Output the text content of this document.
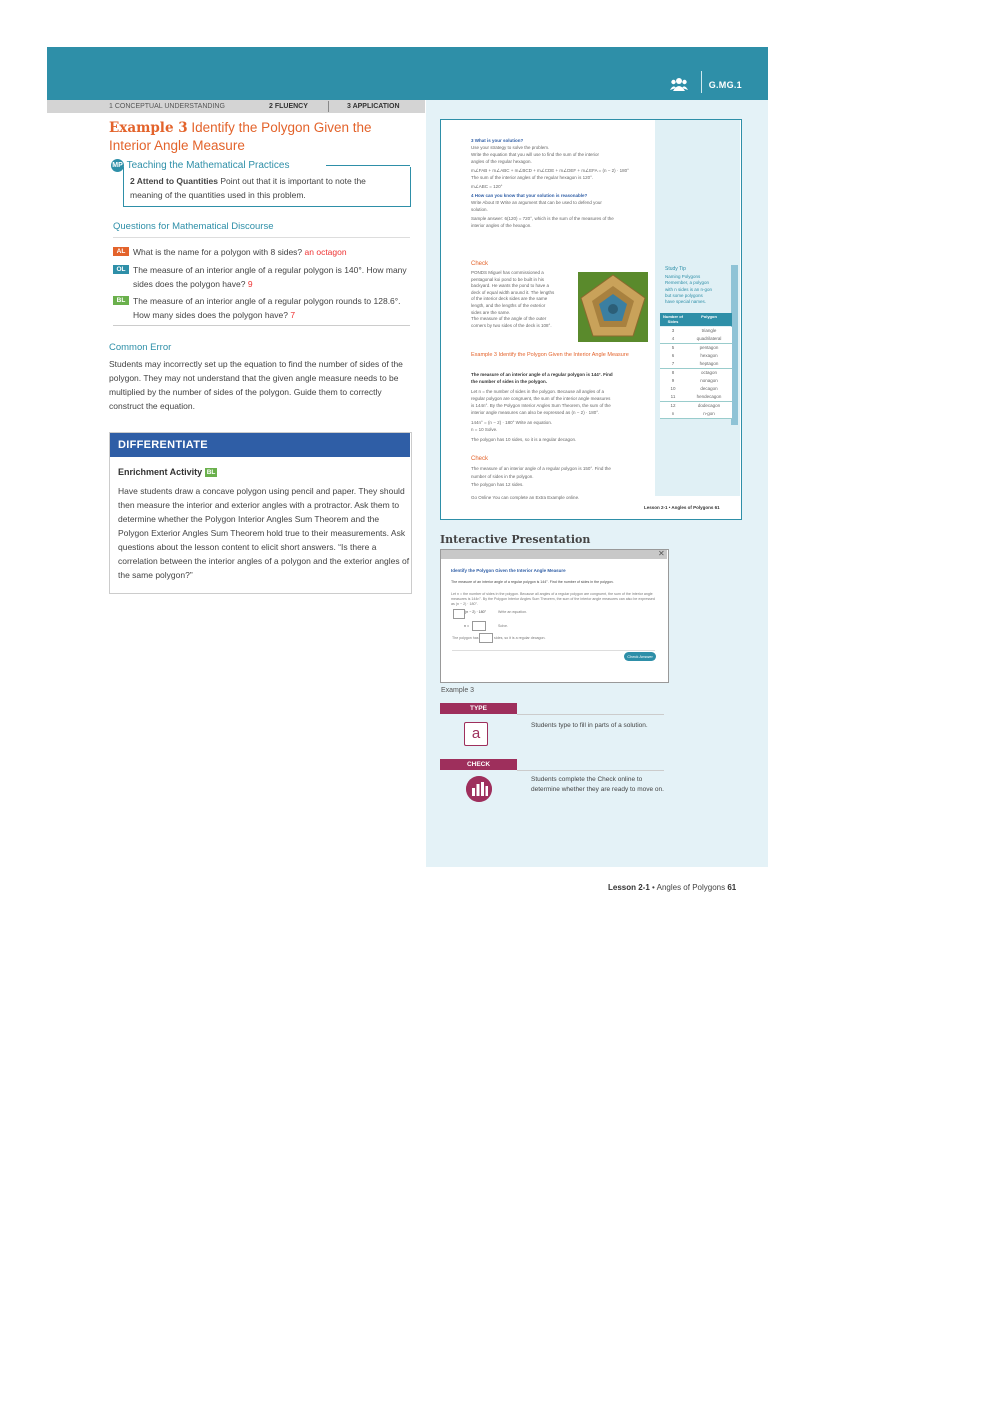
G.MG.1
1 CONCEPTUAL UNDERSTANDING	2 FLUENCY	3 APPLICATION
Example 3 Identify the Polygon Given the Interior Angle Measure
MP Teaching the Mathematical Practices
2 Attend to Quantities Point out that it is important to note the meaning of the quantities used in this problem.
Questions for Mathematical Discourse
AL What is the name for a polygon with 8 sides? an octagon
OL The measure of an interior angle of a regular polygon is 140°. How many sides does the polygon have? 9
BL The measure of an interior angle of a regular polygon rounds to 128.6°. How many sides does the polygon have? 7
Common Error
Students may incorrectly set up the equation to find the number of sides of the polygon. They may not understand that the given angle measure needs to be multiplied by the number of sides of the polygon. Guide them to correctly construct the equation.
DIFFERENTIATE
Enrichment Activity BL
Have students draw a concave polygon using pencil and paper. They should then measure the interior and exterior angles with a protractor. Ask them to determine whether the Polygon Interior Angles Sum Theorem and the Polygon Exterior Angles Sum Theorem hold true to their measurements. Ask questions about the lesson content to elicit short answers. “Is there a correlation between the interior angles of a polygon and the exterior angles of the same polygon?”
3 What is your solution?
Use your strategy to solve the problem.
Write the equation that you will use to find the sum of the interior
angles of the regular hexagon.
m∠FAB + m∠ABC + m∠BCD + m∠CDE + m∠DEF + m∠EFA = (n − 2) · 180°
The sum of the interior angles of the regular hexagon is 120°.
m∠ABC = 120°
4 How can you know that your solution is reasonable?
Write About It! Write an argument that can be used to defend your
solution.
Sample answer: 6(120) = 720°, which is the sum of the measures of the
interior angles of the hexagon.
Check
PONDS Miguel has commissioned a
pentagonal koi pond to be built in his
backyard. He wants the pond to have a
deck of equal width around it. The lengths
of the interior deck sides are the same
length, and the lengths of the exterior
sides are the same.
The measure of the angle of the outer
corners by two sides of the deck is 108°.
Example 3 Identify the Polygon Given the Interior Angle Measure
The measure of an interior angle of a regular polygon is 144°. Find
the number of sides in the polygon.
Let n = the number of sides in the polygon. Because all angles of a
regular polygon are congruent, the sum of the interior angle measures
is 144n°. By the Polygon Interior Angles Sum Theorem, the sum of the
interior angle measures can also be expressed as (n − 2) · 180°.
144n° = (n − 2) · 180° Write an equation.
n = 10 Solve.
The polygon has 10 sides, so it is a regular decagon.
Check
The measure of an interior angle of a regular polygon is 150°. Find the
number of sides in the polygon.
The polygon has 12 sides.
Go Online You can complete an Extra Example online.
Lesson 2-1 • Angles of Polygons 61
Study Tip
Naming Polygons
Remember, a polygon
with n sides is an n-gon
but some polygons
have special names.
Number of Sides
Polygon
3	triangle
4	quadrilateral
5	pentagon
6	hexagon
7	heptagon
8	octagon
9	nonagon
10	decagon
11	hendecagon
12	dodecagon
n	n-gon
Interactive Presentation
✕
Identify the Polygon Given the Interior Angle Measure
The measure of an interior angle of a regular polygon is 144°. Find the number of sides in the polygon.
Let n = the number of sides in the polygon. Because all angles of a regular polygon are congruent, the sum of the interior angle measures is 144n°. By the Polygon Interior Angles Sum Theorem, the sum of the interior angle measures can also be expressed as (n − 2) · 180°.
(n − 2) · 180°	Write an equation.
n =	Solve.
The polygon has	sides, so it is a regular decagon.
Check Answer
Example 3
TYPE
a	Students type to fill in parts of a solution.
CHECK
Students complete the Check online to determine whether they are ready to move on.
Lesson 2-1 • Angles of Polygons 61
